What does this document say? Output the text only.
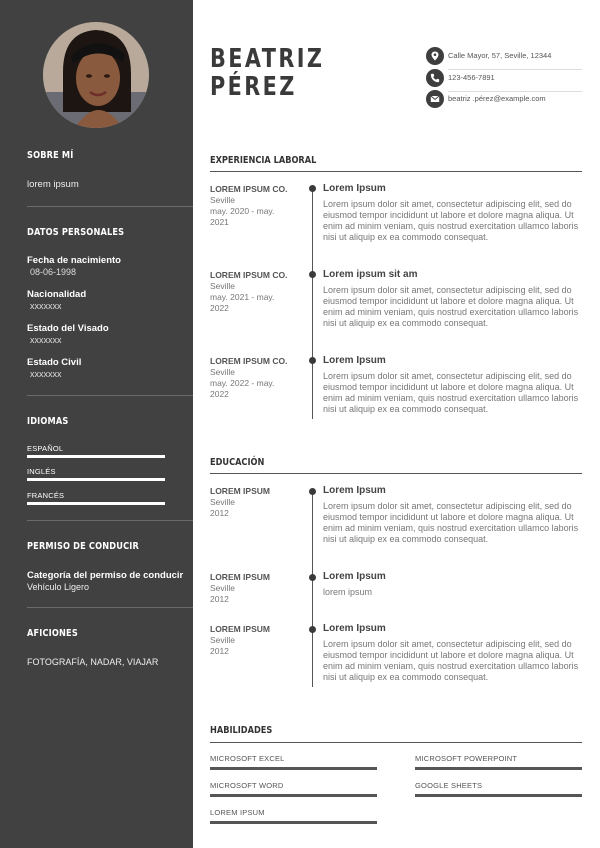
SOBRE MÍ
lorem ipsum
DATOS PERSONALES
Fecha de nacimiento
08-06-1998
Nacionalidad
xxxxxxx
Estado del Visado
xxxxxxx
Estado Civil
xxxxxxx
IDIOMAS
ESPAÑOL
INGLÉS
FRANCÉS
PERMISO DE CONDUCIR
Categoría del permiso de conducir
Vehículo Ligero
AFICIONES
FOTOGRAFÍA, NADAR, VIAJAR
BEATRIZ
PÉREZ
Calle Mayor, 57, Seville, 12344
123-456-7891
beatriz .pérez@example.com
EXPERIENCIA LABORAL
LOREM IPSUM CO.
Seville
may. 2020 - may.
2021
Lorem Ipsum
Lorem ipsum dolor sit amet, consectetur adipiscing elit, sed do eiusmod tempor incididunt ut labore et dolore magna aliqua. Ut enim ad minim veniam, quis nostrud exercitation ullamco laboris nisi ut aliquip ex ea commodo consequat.
LOREM IPSUM CO.
Seville
may. 2021 - may.
2022
Lorem ipsum sit am
Lorem ipsum dolor sit amet, consectetur adipiscing elit, sed do eiusmod tempor incididunt ut labore et dolore magna aliqua. Ut enim ad minim veniam, quis nostrud exercitation ullamco laboris nisi ut aliquip ex ea commodo consequat.
LOREM IPSUM CO.
Seville
may. 2022 - may.
2022
Lorem Ipsum
Lorem ipsum dolor sit amet, consectetur adipiscing elit, sed do eiusmod tempor incididunt ut labore et dolore magna aliqua. Ut enim ad minim veniam, quis nostrud exercitation ullamco laboris nisi ut aliquip ex ea commodo consequat.
EDUCACIÓN
LOREM IPSUM
Seville
2012
Lorem Ipsum
Lorem ipsum dolor sit amet, consectetur adipiscing elit, sed do eiusmod tempor incididunt ut labore et dolore magna aliqua. Ut enim ad minim veniam, quis nostrud exercitation ullamco laboris nisi ut aliquip ex ea commodo consequat.
LOREM IPSUM
Seville
2012
Lorem Ipsum
lorem ipsum
LOREM IPSUM
Seville
2012
Lorem Ipsum
Lorem ipsum dolor sit amet, consectetur adipiscing elit, sed do eiusmod tempor incididunt ut labore et dolore magna aliqua. Ut enim ad minim veniam, quis nostrud exercitation ullamco laboris nisi ut aliquip ex ea commodo consequat.
HABILIDADES
MICROSOFT EXCEL	MICROSOFT POWERPOINT
MICROSOFT WORD	GOOGLE SHEETS
LOREM IPSUM
